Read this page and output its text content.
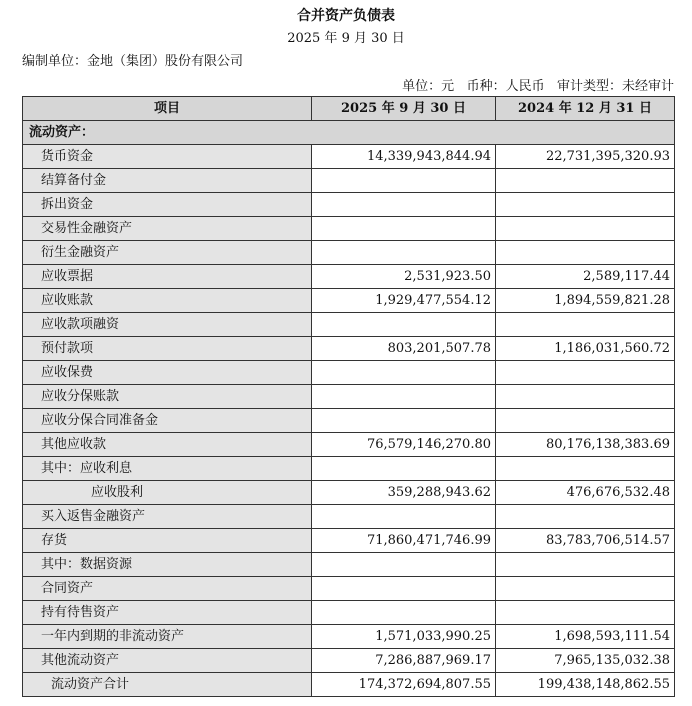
合并资产负债表
2025 年 9 月 30 日
编制单位：金地（集团）股份有限公司
单位：元 币种：人民币 审计类型：未经审计
项目	2025 年 9 月 30 日	2024 年 12 月 31 日
流动资产：		
货币资金	14,339,943,844.94	22,731,395,320.93
结算备付金		
拆出资金		
交易性金融资产		
衍生金融资产		
应收票据	2,531,923.50	2,589,117.44
应收账款	1,929,477,554.12	1,894,559,821.28
应收款项融资		
预付款项	803,201,507.78	1,186,031,560.72
应收保费		
应收分保账款		
应收分保合同准备金		
其他应收款	76,579,146,270.80	80,176,138,383.69
其中：应收利息		
应收股利	359,288,943.62	476,676,532.48
买入返售金融资产		
存货	71,860,471,746.99	83,783,706,514.57
其中：数据资源		
合同资产		
持有待售资产		
一年内到期的非流动资产	1,571,033,990.25	1,698,593,111.54
其他流动资产	7,286,887,969.17	7,965,135,032.38
流动资产合计	174,372,694,807.55	199,438,148,862.55
